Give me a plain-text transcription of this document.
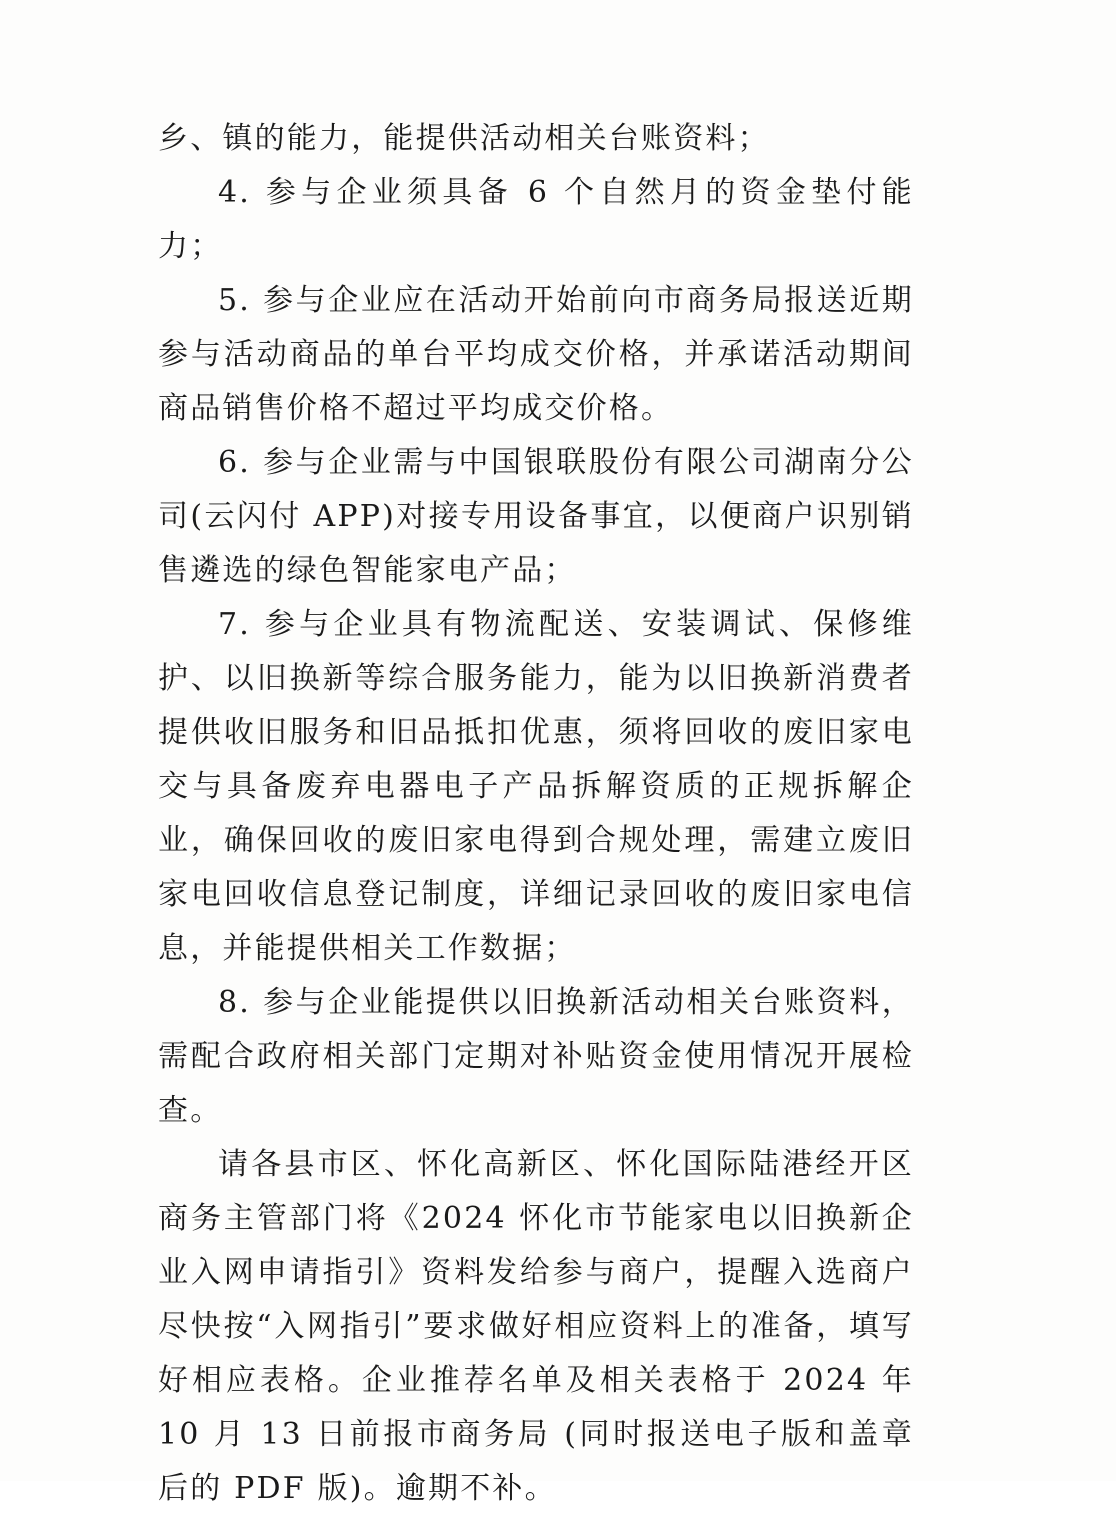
乡、镇的能力，能提供活动相关台账资料；

4. 参与企业须具备 6 个自然月的资金垫付能力；

5. 参与企业应在活动开始前向市商务局报送近期参与活动商品的单台平均成交价格，并承诺活动期间商品销售价格不超过平均成交价格。

6. 参与企业需与中国银联股份有限公司湖南分公 司(云闪付 APP)对接专用设备事宜，以便商户识别销售遴选的绿色智能家电产品；

7. 参与企业具有物流配送、安装调试、保修维护、以旧换新等综合服务能力，能为以旧换新消费者提供收旧服务和旧品抵扣优惠，须将回收的废旧家电交与具备废弃电器电子产品拆解资质的正规拆解企业，确保回收的废旧家电得到合规处理，需建立废旧家电回收信息登记制度，详细记录回收的废旧家电信息，并能提供相关工作数据；

8. 参与企业能提供以旧换新活动相关台账资料，需配合政府相关部门定期对补贴资金使用情况开展检查。

请各县市区、怀化高新区、怀化国际陆港经开区商务主管部门将《2024 怀化市节能家电以旧换新企业入网申请指引》资料发给参与商户，提醒入选商户尽快按“入网指引”要求做好相应资料上的准备，填写好相应表格。企业推荐名单及相关表格于 2024 年 10 月 13 日前报市商务局 (同时报送电子版和盖章后的 PDF 版)。逾期不补。
